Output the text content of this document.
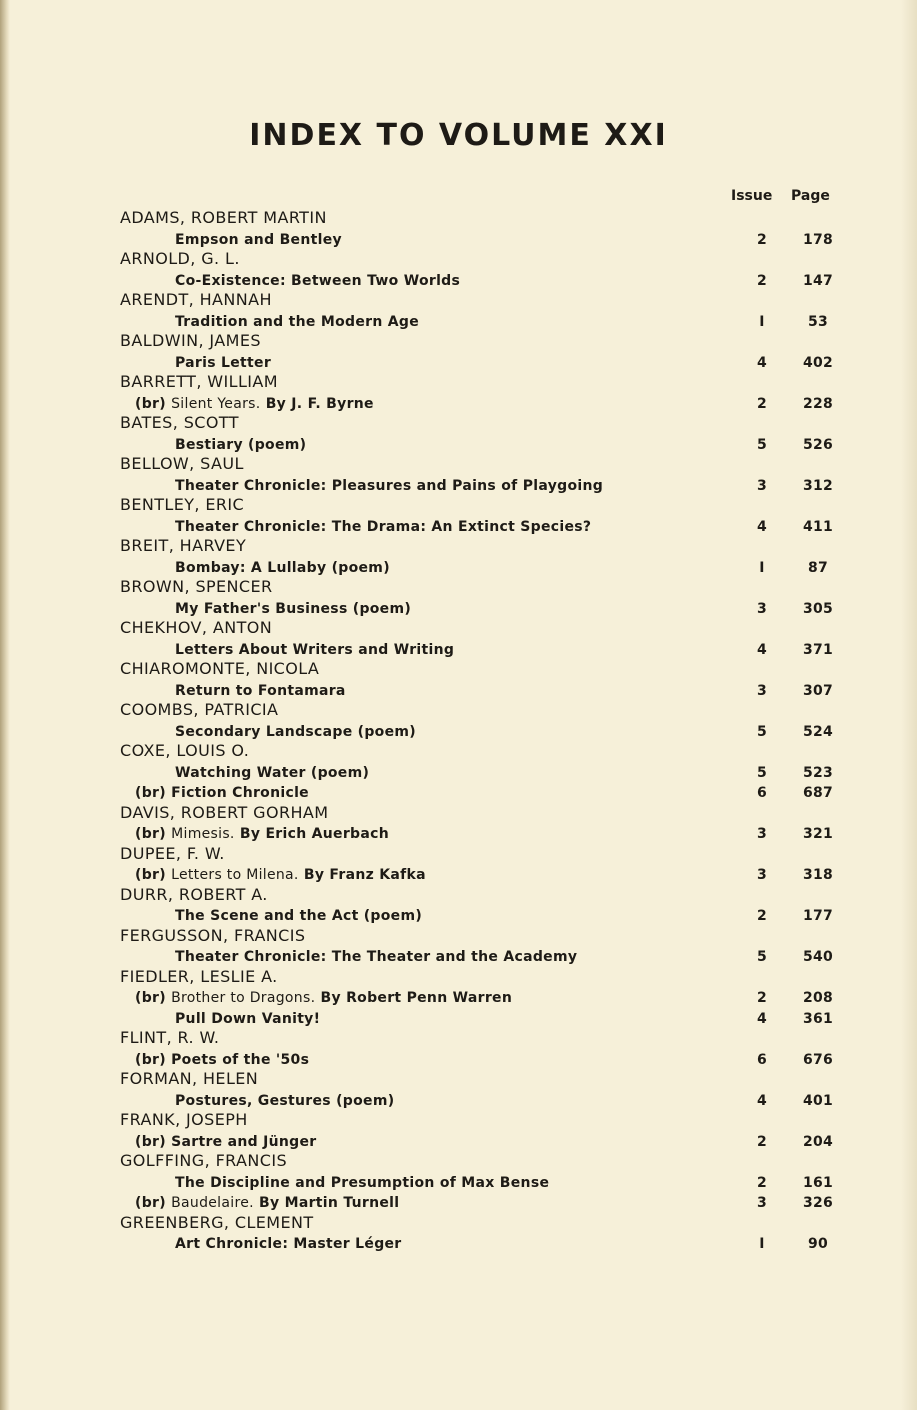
INDEX TO VOLUME XXI
Issue Page
ADAMS, ROBERT MARTIN
Empson and Bentley	2	178
ARNOLD, G. L.
Co-Existence: Between Two Worlds	2	147
ARENDT, HANNAH
Tradition and the Modern Age	I	53
BALDWIN, JAMES
Paris Letter	4	402
BARRETT, WILLIAM
(br) Silent Years. By J. F. Byrne	2	228
BATES, SCOTT
Bestiary (poem)	5	526
BELLOW, SAUL
Theater Chronicle: Pleasures and Pains of Playgoing	3	312
BENTLEY, ERIC
Theater Chronicle: The Drama: An Extinct Species?	4	411
BREIT, HARVEY
Bombay: A Lullaby (poem)	I	87
BROWN, SPENCER
My Father's Business (poem)	3	305
CHEKHOV, ANTON
Letters About Writers and Writing	4	371
CHIAROMONTE, NICOLA
Return to Fontamara	3	307
COOMBS, PATRICIA
Secondary Landscape (poem)	5	524
COXE, LOUIS O.
Watching Water (poem)	5	523
(br) Fiction Chronicle	6	687
DAVIS, ROBERT GORHAM
(br) Mimesis. By Erich Auerbach	3	321
DUPEE, F. W.
(br) Letters to Milena. By Franz Kafka	3	318
DURR, ROBERT A.
The Scene and the Act (poem)	2	177
FERGUSSON, FRANCIS
Theater Chronicle: The Theater and the Academy	5	540
FIEDLER, LESLIE A.
(br) Brother to Dragons. By Robert Penn Warren	2	208
Pull Down Vanity!	4	361
FLINT, R. W.
(br) Poets of the '50s	6	676
FORMAN, HELEN
Postures, Gestures (poem)	4	401
FRANK, JOSEPH
(br) Sartre and Jünger	2	204
GOLFFING, FRANCIS
The Discipline and Presumption of Max Bense	2	161
(br) Baudelaire. By Martin Turnell	3	326
GREENBERG, CLEMENT
Art Chronicle: Master Léger	I	90
